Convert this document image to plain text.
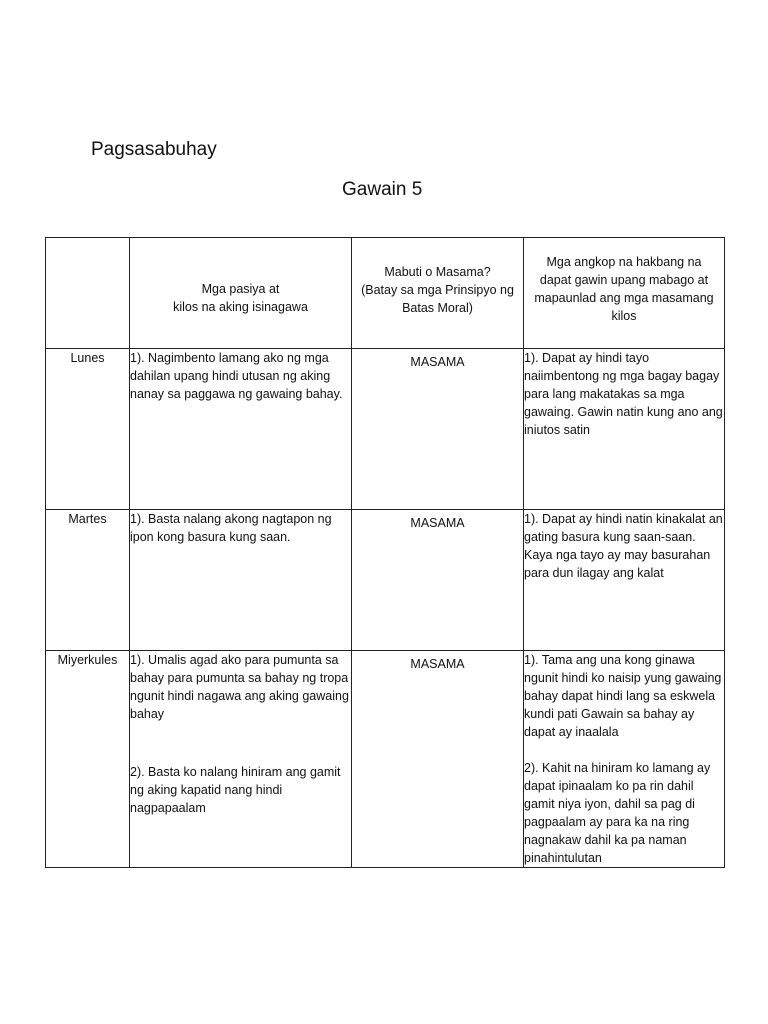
Pagsasabuhay
Gawain 5

	Mga pasiya at
kilos na aking isinagawa	Mabuti o Masama?
(Batay sa mga Prinsipyo ng
Batas Moral)	Mga angkop na hakbang na dapat gawin upang mabago at mapaunlad ang mga masamang kilos

Lunes	1). Nagimbento lamang ako ng mga dahilan upang hindi utusan ng aking nanay sa paggawa ng gawaing bahay.	MASAMA	1). Dapat ay hindi tayo naiimbentong ng mga bagay bagay para lang makatakas sa mga gawaing. Gawin natin kung ano ang iniutos satin

Martes	1). Basta nalang akong nagtapon ng ipon kong basura kung saan.	MASAMA	1). Dapat ay hindi natin kinakalat an gating basura kung saan-saan. Kaya nga tayo ay may basurahan para dun ilagay ang kalat

Miyerkules	1). Umalis agad ako para pumunta sa bahay para pumunta sa bahay ng tropa ngunit hindi nagawa ang aking gawaing bahay
2). Basta ko nalang hiniram ang gamit ng aking kapatid nang hindi nagpapaalam	MASAMA	1). Tama ang una kong ginawa ngunit hindi ko naisip yung gawaing bahay dapat hindi lang sa eskwela kundi pati Gawain sa bahay ay dapat ay inaalala
2). Kahit na hiniram ko lamang ay dapat ipinaalam ko pa rin dahil gamit niya iyon, dahil sa pag di pagpaalam ay para ka na ring nagnakaw dahil ka pa naman pinahintulutan
